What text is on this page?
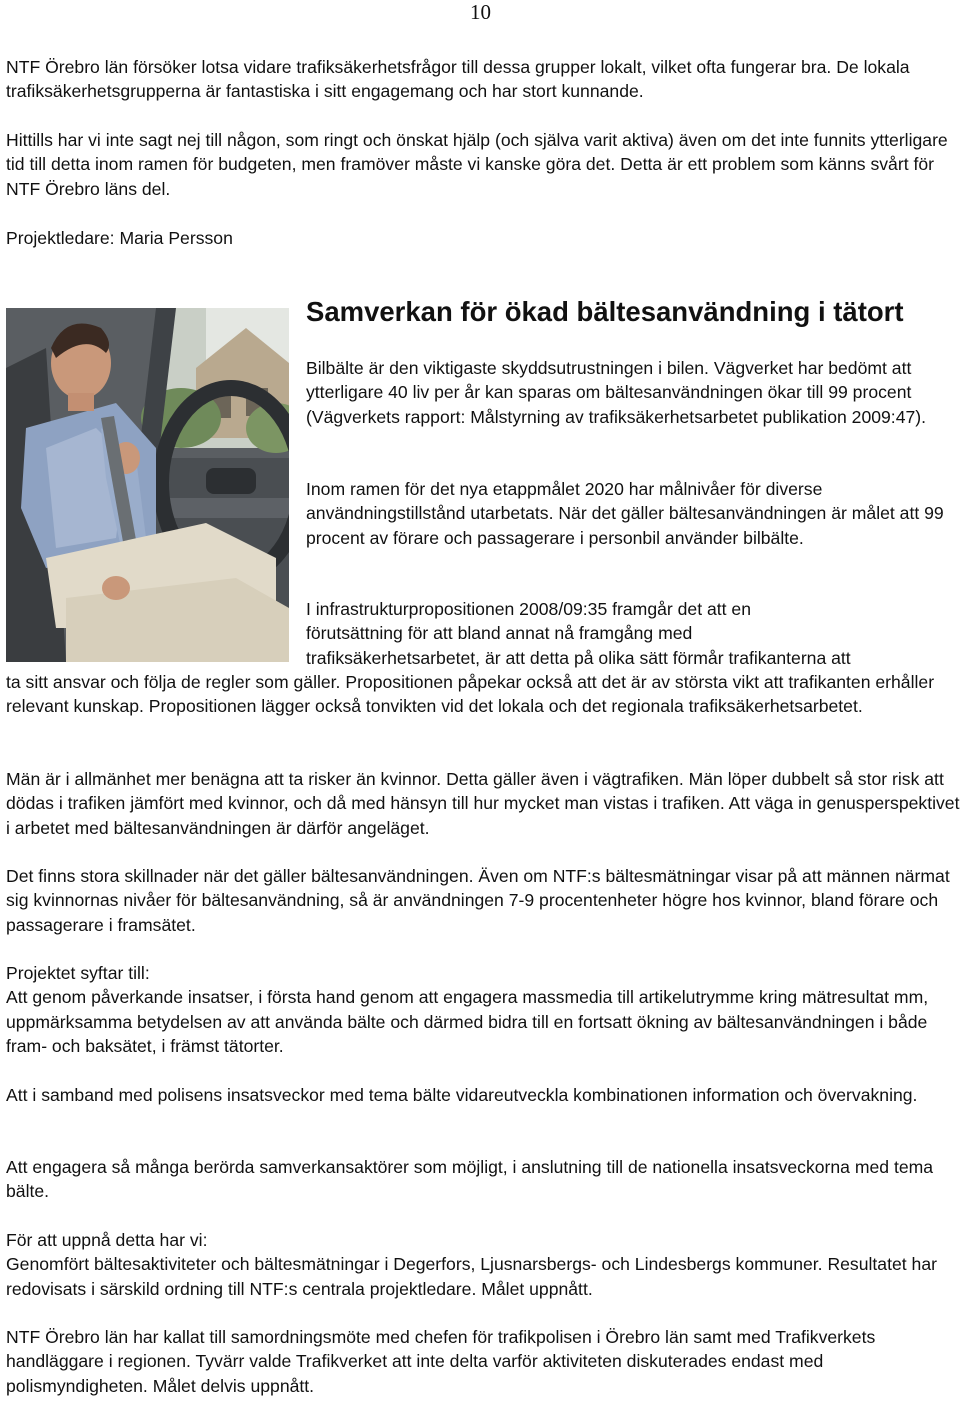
10

NTF Örebro län försöker lotsa vidare trafiksäkerhetsfrågor till dessa grupper lokalt, vilket ofta fungerar bra. De lokala trafiksäkerhetsgrupperna är fantastiska i sitt engagemang och har stort kunnande.

Hittills har vi inte sagt nej till någon, som ringt och önskat hjälp (och själva varit aktiva) även om det inte funnits ytterligare tid till detta inom ramen för budgeten, men framöver måste vi kanske göra det. Detta är ett problem som känns svårt för NTF Örebro läns del.

Projektledare: Maria Persson

Samverkan för ökad bältesanvändning i tätort

Bilbälte är den viktigaste skyddsutrustningen i bilen. Vägverket har bedömt att ytterligare 40 liv per år kan sparas om bältesanvändningen ökar till 99 procent (Vägverkets rapport: Målstyrning av trafiksäkerhetsarbetet publikation 2009:47).

Inom ramen för det nya etappmålet 2020 har målnivåer för diverse användningstillstånd utarbetats. När det gäller bältesanvändningen är målet att 99 procent av förare och passagerare i personbil använder bilbälte.

I infrastrukturpropositionen 2008/09:35 framgår det att en
förutsättning för att bland annat nå framgång med
trafiksäkerhetsarbetet, är att detta på olika sätt förmår trafikanterna att
ta sitt ansvar och följa de regler som gäller. Propositionen påpekar också att det är av största vikt att trafikanten erhåller relevant kunskap. Propositionen lägger också tonvikten vid det lokala och det regionala trafiksäkerhetsarbetet.

Män är i allmänhet mer benägna att ta risker än kvinnor. Detta gäller även i vägtrafiken. Män löper dubbelt så stor risk att dödas i trafiken jämfört med kvinnor, och då med hänsyn till hur mycket man vistas i trafiken. Att väga in genusperspektivet i arbetet med bältesanvändningen är därför angeläget.

Det finns stora skillnader när det gäller bältesanvändningen. Även om NTF:s bältesmätningar visar på att männen närmat sig kvinnornas nivåer för bältesanvändning, så är användningen 7-9 procentenheter högre hos kvinnor, bland förare och passagerare i framsätet.

Projektet syftar till:
Att genom påverkande insatser, i första hand genom att engagera massmedia till artikelutrymme kring mätresultat mm, uppmärksamma betydelsen av att använda bälte och därmed bidra till en fortsatt ökning av bältesanvändningen i både fram- och baksätet, i främst tätorter.

Att i samband med polisens insatsveckor med tema bälte vidareutveckla kombinationen information och övervakning.

Att engagera så många berörda samverkansaktörer som möjligt, i anslutning till de nationella insatsveckorna med tema bälte.

För att uppnå detta har vi:
Genomfört bältesaktiviteter och bältesmätningar i Degerfors, Ljusnarsbergs- och Lindesbergs kommuner. Resultatet har redovisats i särskild ordning till NTF:s centrala projektledare. Målet uppnått.

NTF Örebro län har kallat till samordningsmöte med chefen för trafikpolisen i Örebro län samt med Trafikverkets handläggare i regionen. Tyvärr valde Trafikverket att inte delta varför aktiviteten diskuterades endast med polismyndigheten. Målet delvis uppnått.
